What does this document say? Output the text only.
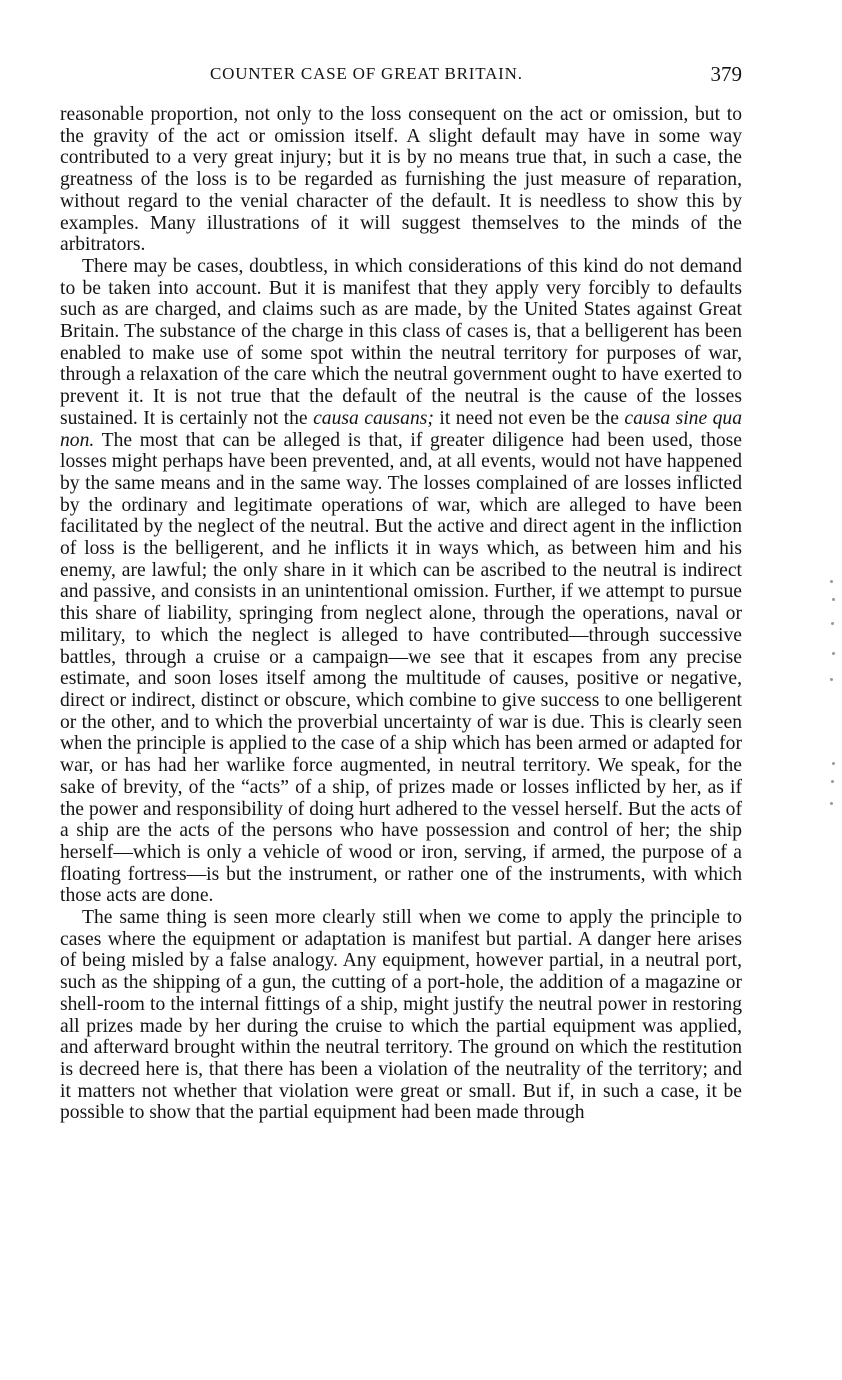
COUNTER CASE OF GREAT BRITAIN.	379

reasonable proportion, not only to the loss consequent on the act or omission, but to the gravity of the act or omission itself. A slight default may have in some way contributed to a very great injury; but it is by no means true that, in such a case, the greatness of the loss is to be regarded as furnishing the just measure of reparation, without regard to the venial character of the default. It is needless to show this by examples. Many illustrations of it will suggest themselves to the minds of the arbitrators.

There may be cases, doubtless, in which considerations of this kind do not demand to be taken into account. But it is manifest that they apply very forcibly to defaults such as are charged, and claims such as are made, by the United States against Great Britain. The substance of the charge in this class of cases is, that a belligerent has been enabled to make use of some spot within the neutral territory for purposes of war, through a relaxation of the care which the neutral government ought to have exerted to prevent it. It is not true that the default of the neutral is the cause of the losses sustained. It is certainly not the causa causans; it need not even be the causa sine qua non. The most that can be alleged is that, if greater diligence had been used, those losses might perhaps have been prevented, and, at all events, would not have happened by the same means and in the same way. The losses complained of are losses inflicted by the ordinary and legitimate operations of war, which are alleged to have been facilitated by the neglect of the neutral. But the active and direct agent in the infliction of loss is the belligerent, and he inflicts it in ways which, as between him and his enemy, are lawful; the only share in it which can be ascribed to the neutral is indirect and passive, and consists in an unintentional omission. Further, if we attempt to pursue this share of liability, springing from neglect alone, through the operations, naval or military, to which the neglect is alleged to have contributed—through successive battles, through a cruise or a campaign—we see that it escapes from any precise estimate, and soon loses itself among the multitude of causes, positive or negative, direct or indirect, distinct or obscure, which combine to give success to one belligerent or the other, and to which the proverbial uncertainty of war is due. This is clearly seen when the principle is applied to the case of a ship which has been armed or adapted for war, or has had her warlike force augmented, in neutral territory. We speak, for the sake of brevity, of the “acts” of a ship, of prizes made or losses inflicted by her, as if the power and responsibility of doing hurt adhered to the vessel herself. But the acts of a ship are the acts of the persons who have possession and control of her; the ship herself—which is only a vehicle of wood or iron, serving, if armed, the purpose of a floating fortress—is but the instrument, or rather one of the instruments, with which those acts are done.

The same thing is seen more clearly still when we come to apply the principle to cases where the equipment or adaptation is manifest but partial. A danger here arises of being misled by a false analogy. Any equipment, however partial, in a neutral port, such as the shipping of a gun, the cutting of a port-hole, the addition of a magazine or shell-room to the internal fittings of a ship, might justify the neutral power in restoring all prizes made by her during the cruise to which the partial equipment was applied, and afterward brought within the neutral territory. The ground on which the restitution is decreed here is, that there has been a violation of the neutrality of the territory; and it matters not whether that violation were great or small. But if, in such a case, it be possible to show that the partial equipment had been made through
